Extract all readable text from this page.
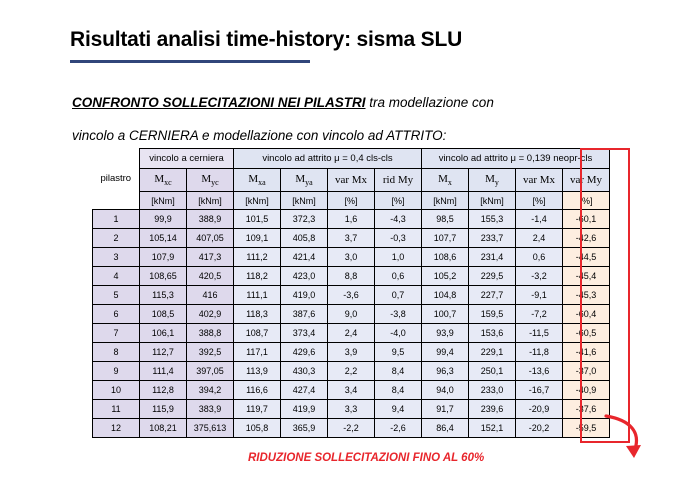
Risultati analisi time-history: sisma SLU
CONFRONTO SOLLECITAZIONI NEI PILASTRI tra modellazione con
vincolo a CERNIERA e modellazione con vincolo ad ATTRITO:
pilastro	vincolo a cerniera		vincolo ad attrito μ = 0,4 cls-cls				vincolo ad attrito μ = 0,139 neopr-cls			
	$M_{xc}$	$M_{yc}$	$M_{xa}$	$M_{ya}$	var Mx	rid My	$M_x$	$M_y$	var Mx	var My
	[kNm]	[kNm]	[kNm]	[kNm]	[%]	[%]	[kNm]	[kNm]	[%]	[%]
1	99,9	388,9	101,5	372,3	1,6	-4,3	98,5	155,3	-1,4	-60,1
2	105,14	407,05	109,1	405,8	3,7	-0,3	107,7	233,7	2,4	-42,6
3	107,9	417,3	111,2	421,4	3,0	1,0	108,6	231,4	0,6	-44,5
4	108,65	420,5	118,2	423,0	8,8	0,6	105,2	229,5	-3,2	-45,4
5	115,3	416	111,1	419,0	-3,6	0,7	104,8	227,7	-9,1	-45,3
6	108,5	402,9	118,3	387,6	9,0	-3,8	100,7	159,5	-7,2	-60,4
7	106,1	388,8	108,7	373,4	2,4	-4,0	93,9	153,6	-11,5	-60,5
8	112,7	392,5	117,1	429,6	3,9	9,5	99,4	229,1	-11,8	-41,6
9	111,4	397,05	113,9	430,3	2,2	8,4	96,3	250,1	-13,6	-37,0
10	112,8	394,2	116,6	427,4	3,4	8,4	94,0	233,0	-16,7	-40,9
11	115,9	383,9	119,7	419,9	3,3	9,4	91,7	239,6	-20,9	-37,6
12	108,21	375,613	105,8	365,9	-2,2	-2,6	86,4	152,1	-20,2	-59,5
RIDUZIONE SOLLECITAZIONI FINO AL 60%
